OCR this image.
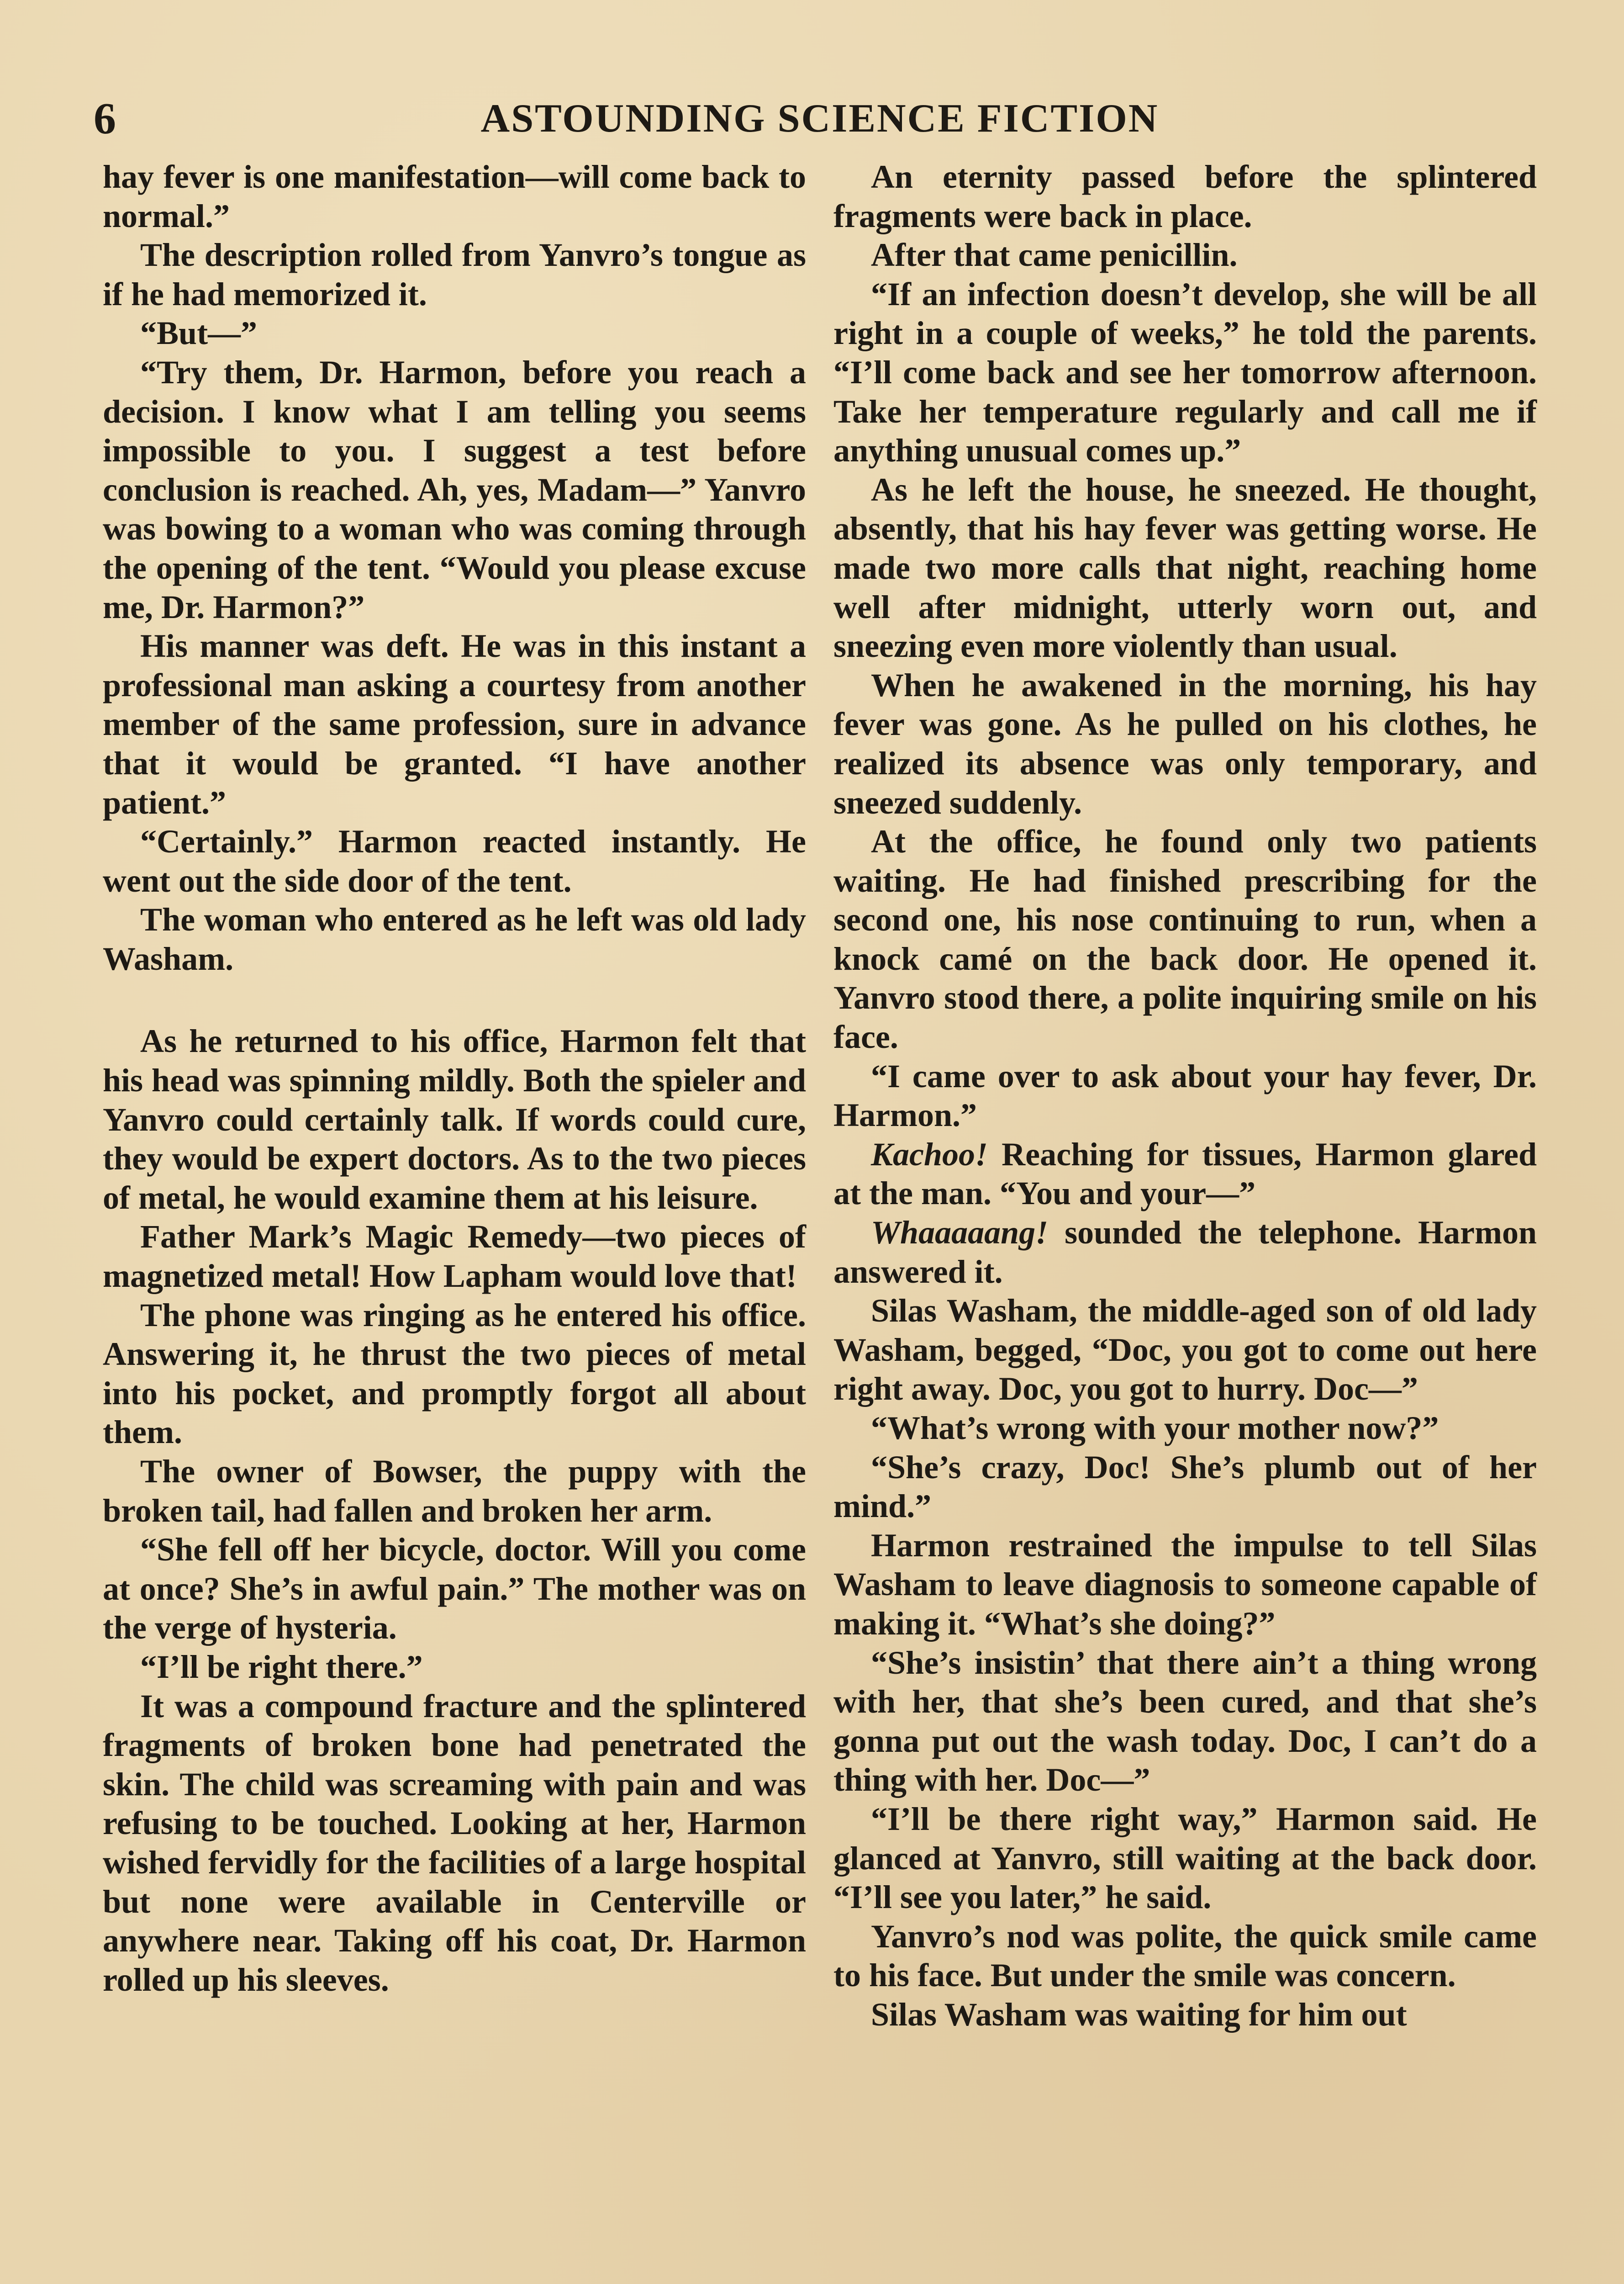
6	ASTOUNDING SCIENCE FICTION

hay fever is one manifestation—will come back to normal.”

The description rolled from Yanvro’s tongue as if he had memorized it.

“But—”

“Try them, Dr. Harmon, before you reach a decision. I know what I am telling you seems impossible to you. I suggest a test before conclusion is reached. Ah, yes, Madam—” Yanvro was bowing to a woman who was coming through the opening of the tent. “Would you please excuse me, Dr. Harmon?”

His manner was deft. He was in this instant a professional man asking a courtesy from another member of the same profession, sure in advance that it would be granted. “I have another patient.”

“Certainly.” Harmon reacted instantly. He went out the side door of the tent.

The woman who entered as he left was old lady Washam.

As he returned to his office, Harmon felt that his head was spinning mildly. Both the spieler and Yanvro could certainly talk. If words could cure, they would be expert doctors. As to the two pieces of metal, he would examine them at his leisure.

Father Mark’s Magic Remedy—two pieces of magnetized metal! How Lapham would love that!

The phone was ringing as he entered his office. Answering it, he thrust the two pieces of metal into his pocket, and promptly forgot all about them.

The owner of Bowser, the puppy with the broken tail, had fallen and broken her arm.

“She fell off her bicycle, doctor. Will you come at once? She’s in awful pain.” The mother was on the verge of hysteria.

“I’ll be right there.”

It was a compound fracture and the splintered fragments of broken bone had penetrated the skin. The child was screaming with pain and was refusing to be touched. Looking at her, Harmon wished fervidly for the facilities of a large hospital but none were available in Centerville or anywhere near. Taking off his coat, Dr. Harmon rolled up his sleeves.

An eternity passed before the splintered fragments were back in place.

After that came penicillin.

“If an infection doesn’t develop, she will be all right in a couple of weeks,” he told the parents. “I’ll come back and see her tomorrow afternoon. Take her temperature regularly and call me if anything unusual comes up.”

As he left the house, he sneezed. He thought, absently, that his hay fever was getting worse. He made two more calls that night, reaching home well after midnight, utterly worn out, and sneezing even more violently than usual.

When he awakened in the morning, his hay fever was gone. As he pulled on his clothes, he realized its absence was only temporary, and sneezed suddenly.

At the office, he found only two patients waiting. He had finished prescribing for the second one, his nose continuing to run, when a knock camé on the back door. He opened it. Yanvro stood there, a polite inquiring smile on his face.

“I came over to ask about your hay fever, Dr. Harmon.”

Kachoo! Reaching for tissues, Harmon glared at the man. “You and your—”

Whaaaaang! sounded the telephone. Harmon answered it.

Silas Washam, the middle-aged son of old lady Washam, begged, “Doc, you got to come out here right away. Doc, you got to hurry. Doc—”

“What’s wrong with your mother now?”

“She’s crazy, Doc! She’s plumb out of her mind.”

Harmon restrained the impulse to tell Silas Washam to leave diagnosis to someone capable of making it. “What’s she doing?”

“She’s insistin’ that there ain’t a thing wrong with her, that she’s been cured, and that she’s gonna put out the wash today. Doc, I can’t do a thing with her. Doc—”

“I’ll be there right way,” Harmon said. He glanced at Yanvro, still waiting at the back door. “I’ll see you later,” he said.

Yanvro’s nod was polite, the quick smile came to his face. But under the smile was concern.

Silas Washam was waiting for him out
